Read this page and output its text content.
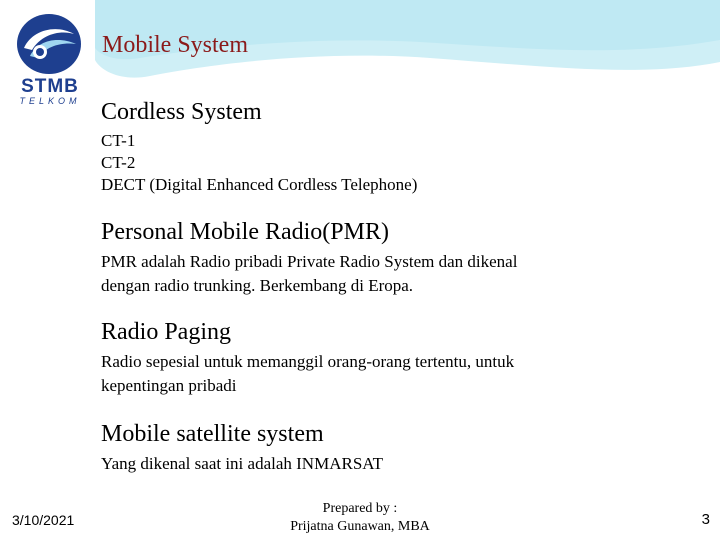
STMB
TELKOM
Mobile System
Cordless System
CT-1
CT-2
DECT (Digital Enhanced Cordless Telephone)
Personal Mobile Radio(PMR)
PMR adalah Radio pribadi Private Radio System dan dikenal
dengan radio trunking. Berkembang di Eropa.
Radio Paging
Radio sepesial untuk memanggil orang-orang tertentu, untuk
kepentingan pribadi
Mobile satellite system
Yang dikenal saat ini adalah INMARSAT
3/10/2021
Prepared by :
Prijatna Gunawan, MBA	3
